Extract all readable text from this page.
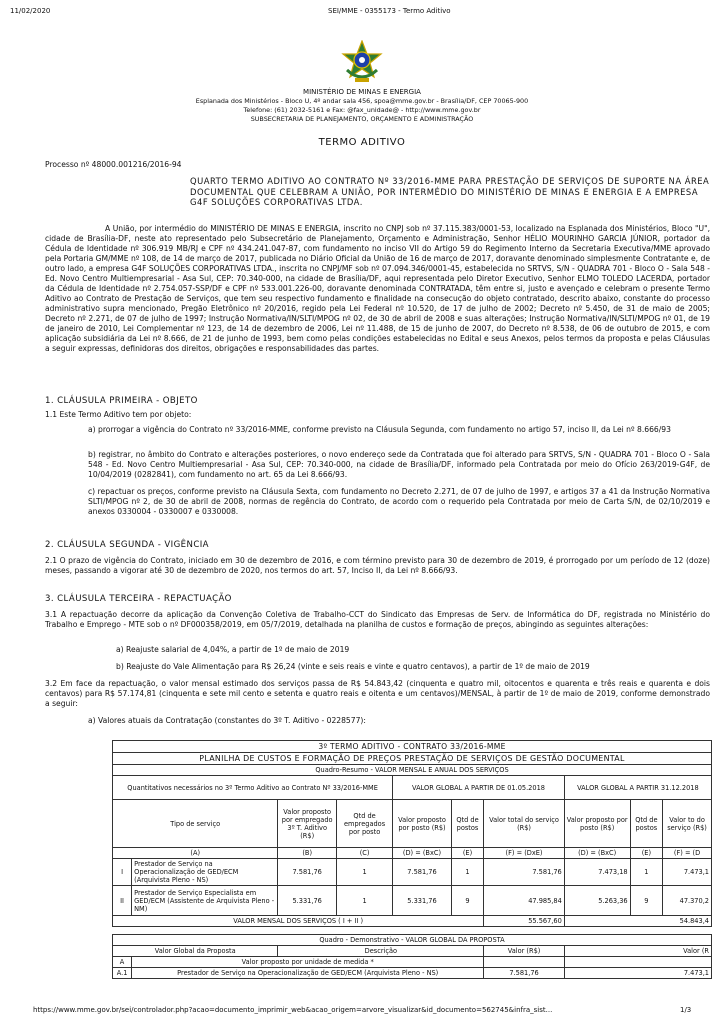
11/02/2020	SEI/MME - 0355173 - Termo Aditivo
MINISTÉRIO DE MINAS E ENERGIA
Esplanada dos Ministérios - Bloco U, 4º andar sala 456, spoa@mme.gov.br - Brasília/DF, CEP 70065-900
Telefone: (61) 2032-5161 e Fax: @fax_unidade@ - http://www.mme.gov.br
SUBSECRETARIA DE PLANEJAMENTO, ORÇAMENTO E ADMINISTRAÇÃO
TERMO ADITIVO
Processo nº 48000.001216/2016-94
QUARTO TERMO ADITIVO AO CONTRATO Nº 33/2016-MME PARA PRESTAÇÃO DE SERVIÇOS DE SUPORTE NA ÁREA DOCUMENTAL QUE CELEBRAM A UNIÃO, POR INTERMÉDIO DO MINISTÉRIO DE MINAS E ENERGIA E A EMPRESA G4F SOLUÇÕES CORPORATIVAS LTDA.
A União, por intermédio do MINISTÉRIO DE MINAS E ENERGIA, inscrito no CNPJ sob nº 37.115.383/0001-53, localizado na Esplanada dos Ministérios, Bloco "U", cidade de Brasília-DF, neste ato representado pelo Subsecretário de Planejamento, Orçamento e Administração, Senhor HÉLIO MOURINHO GARCIA JÚNIOR, portador da Cédula de Identidade nº 306.919 MB/RJ e CPF nº 434.241.047-87, com fundamento no inciso VII do Artigo 59 do Regimento Interno da Secretaria Executiva/MME aprovado pela Portaria GM/MME nº 108, de 14 de março de 2017, publicada no Diário Oficial da União de 16 de março de 2017, doravante denominado simplesmente Contratante e, de outro lado, a empresa G4F SOLUÇÕES CORPORATIVAS LTDA., inscrita no CNPJ/MF sob nº 07.094.346/0001-45, estabelecida no SRTVS, S/N - QUADRA 701 - Bloco O - Sala 548 - Ed. Novo Centro Multiempresarial - Asa Sul, CEP: 70.340-000, na cidade de Brasília/DF, aqui representada pelo Diretor Executivo, Senhor ELMO TOLEDO LACERDA, portador da Cédula de Identidade nº 2.754.057-SSP/DF e CPF nº 533.001.226-00, doravante denominada CONTRATADA, têm entre si, justo e avençado e celebram o presente Termo Aditivo ao Contrato de Prestação de Serviços, que tem seu respectivo fundamento e finalidade na consecução do objeto contratado, descrito abaixo, constante do processo administrativo supra mencionado, Pregão Eletrônico nº 20/2016, regido pela Lei Federal nº 10.520, de 17 de julho de 2002; Decreto nº 5.450, de 31 de maio de 2005; Decreto nº 2.271, de 07 de julho de 1997; Instrução Normativa/IN/SLTI/MPOG nº 02, de 30 de abril de 2008 e suas alterações; Instrução Normativa/IN/SLTI/MPOG nº 01, de 19 de janeiro de 2010, Lei Complementar nº 123, de 14 de dezembro de 2006, Lei nº 11.488, de 15 de junho de 2007, do Decreto nº 8.538, de 06 de outubro de 2015, e com aplicação subsidiária da Lei nº 8.666, de 21 de junho de 1993, bem como pelas condições estabelecidas no Edital e seus Anexos, pelos termos da proposta e pelas Cláusulas a seguir expressas, definidoras dos direitos, obrigações e responsabilidades das partes.
1. CLÁUSULA PRIMEIRA - OBJETO
1.1 Este Termo Aditivo tem por objeto:
a) prorrogar a vigência do Contrato nº 33/2016-MME, conforme previsto na Cláusula Segunda, com fundamento no artigo 57, inciso II, da Lei nº 8.666/93
b) registrar, no âmbito do Contrato e alterações posteriores, o novo endereço sede da Contratada que foi alterado para SRTVS, S/N - QUADRA 701 - Bloco O - Sala 548 - Ed. Novo Centro Multiempresarial - Asa Sul, CEP: 70.340-000, na cidade de Brasília/DF, informado pela Contratada por meio do Ofício 263/2019-G4F, de 10/04/2019 (0282841), com fundamento no art. 65 da Lei 8.666/93.
c) repactuar os preços, conforme previsto na Cláusula Sexta, com fundamento no Decreto 2.271, de 07 de julho de 1997, e artigos 37 a 41 da Instrução Normativa SLTI/MPOG nº 2, de 30 de abril de 2008, normas de regência do Contrato, de acordo com o requerido pela Contratada por meio de Carta S/N, de 02/10/2019 e anexos 0330004 - 0330007 e 0330008.
2. CLÁUSULA SEGUNDA - VIGÊNCIA
2.1 O prazo de vigência do Contrato, iniciado em 30 de dezembro de 2016, e com término previsto para 30 de dezembro de 2019, é prorrogado por um período de 12 (doze) meses, passando a vigorar até 30 de dezembro de 2020, nos termos do art. 57, Inciso II, da Lei nº 8.666/93.
3. CLÁUSULA TERCEIRA - REPACTUAÇÃO
3.1 A repactuação decorre da aplicação da Convenção Coletiva de Trabalho-CCT do Sindicato das Empresas de Serv. de Informática do DF, registrada no Ministério do Trabalho e Emprego - MTE sob o nº DF000358/2019, em 05/7/2019, detalhada na planilha de custos e formação de preços, abingindo as seguintes alterações:
a) Reajuste salarial de 4,04%, a partir de 1º de maio de 2019
b) Reajuste do Vale Alimentação para R$ 26,24 (vinte e seis reais e vinte e quatro centavos), a partir de 1º de maio de 2019
3.2 Em face da repactuação, o valor mensal estimado dos serviços passa de R$ 54.843,42 (cinquenta e quatro mil, oitocentos e quarenta e três reais e quarenta e dois centavos) para R$ 57.174,81 (cinquenta e sete mil cento e setenta e quatro reais e oitenta e um centavos)/MENSAL, à partir de 1º de maio de 2019, conforme demonstrado a seguir:
a) Valores atuais da Contratação (constantes do 3º T. Aditivo - 0228577):
3º TERMO ADITIVO - CONTRATO 33/2016-MME									
PLANILHA DE CUSTOS E FORMAÇÃO DE PREÇOS PRESTAÇÃO DE SERVIÇOS DE GESTÃO DOCUMENTAL									
Quadro-Resumo - VALOR MENSAL E ANUAL DOS SERVIÇOS									
Quantitativos necessários no 3º Termo Aditivo ao Contrato Nº 33/2016-MME				VALOR GLOBAL A PARTIR DE 01.05.2018			VALOR GLOBAL A PARTIR 31.12.2018		
Tipo de serviço		Valor proposto por empregado 3º T. Aditivo (R$)	Qtd de empregados por posto	Valor proposto por posto (R$)	Qtd de postos	Valor total do serviço (R$)	Valor proposto por posto (R$)	Qtd de postos	Valor to do serviço (R$)
(A)		(B)	(C)	(D) = (BxC)	(E)	(F) = (DxE)	(D) = (BxC)	(E)	(F) = (D
I	Prestador de Serviço na Operacionalização de GED/ECM (Arquivista Pleno - NS)	7.581,76	1	7.581,76	1	7.581,76	7.473,18	1	7.473,1
II	Prestador de Serviço Especialista em GED/ECM (Assistente de Arquivista Pleno - NM)	5.331,76	1	5.331,76	9	47.985,84	5.263,36	9	47.370,2
VALOR MENSAL DOS SERVIÇOS ( I + II )						55.567,60	54.843,4		

Quadro - Demonstrativo - VALOR GLOBAL DA PROPOSTA									
Valor Global da Proposta		Descrição				Valor (R$)	Valor (R		
A	Valor proposto por unidade de medida *								
A.1	Prestador de Serviço na Operacionalização de GED/ECM (Arquivista Pleno - NS)					7.581,76	7.473,1		
https://www.mme.gov.br/sei/controlador.php?acao=documento_imprimir_web&acao_origem=arvore_visualizar&id_documento=562745&infra_sist...	1/3
